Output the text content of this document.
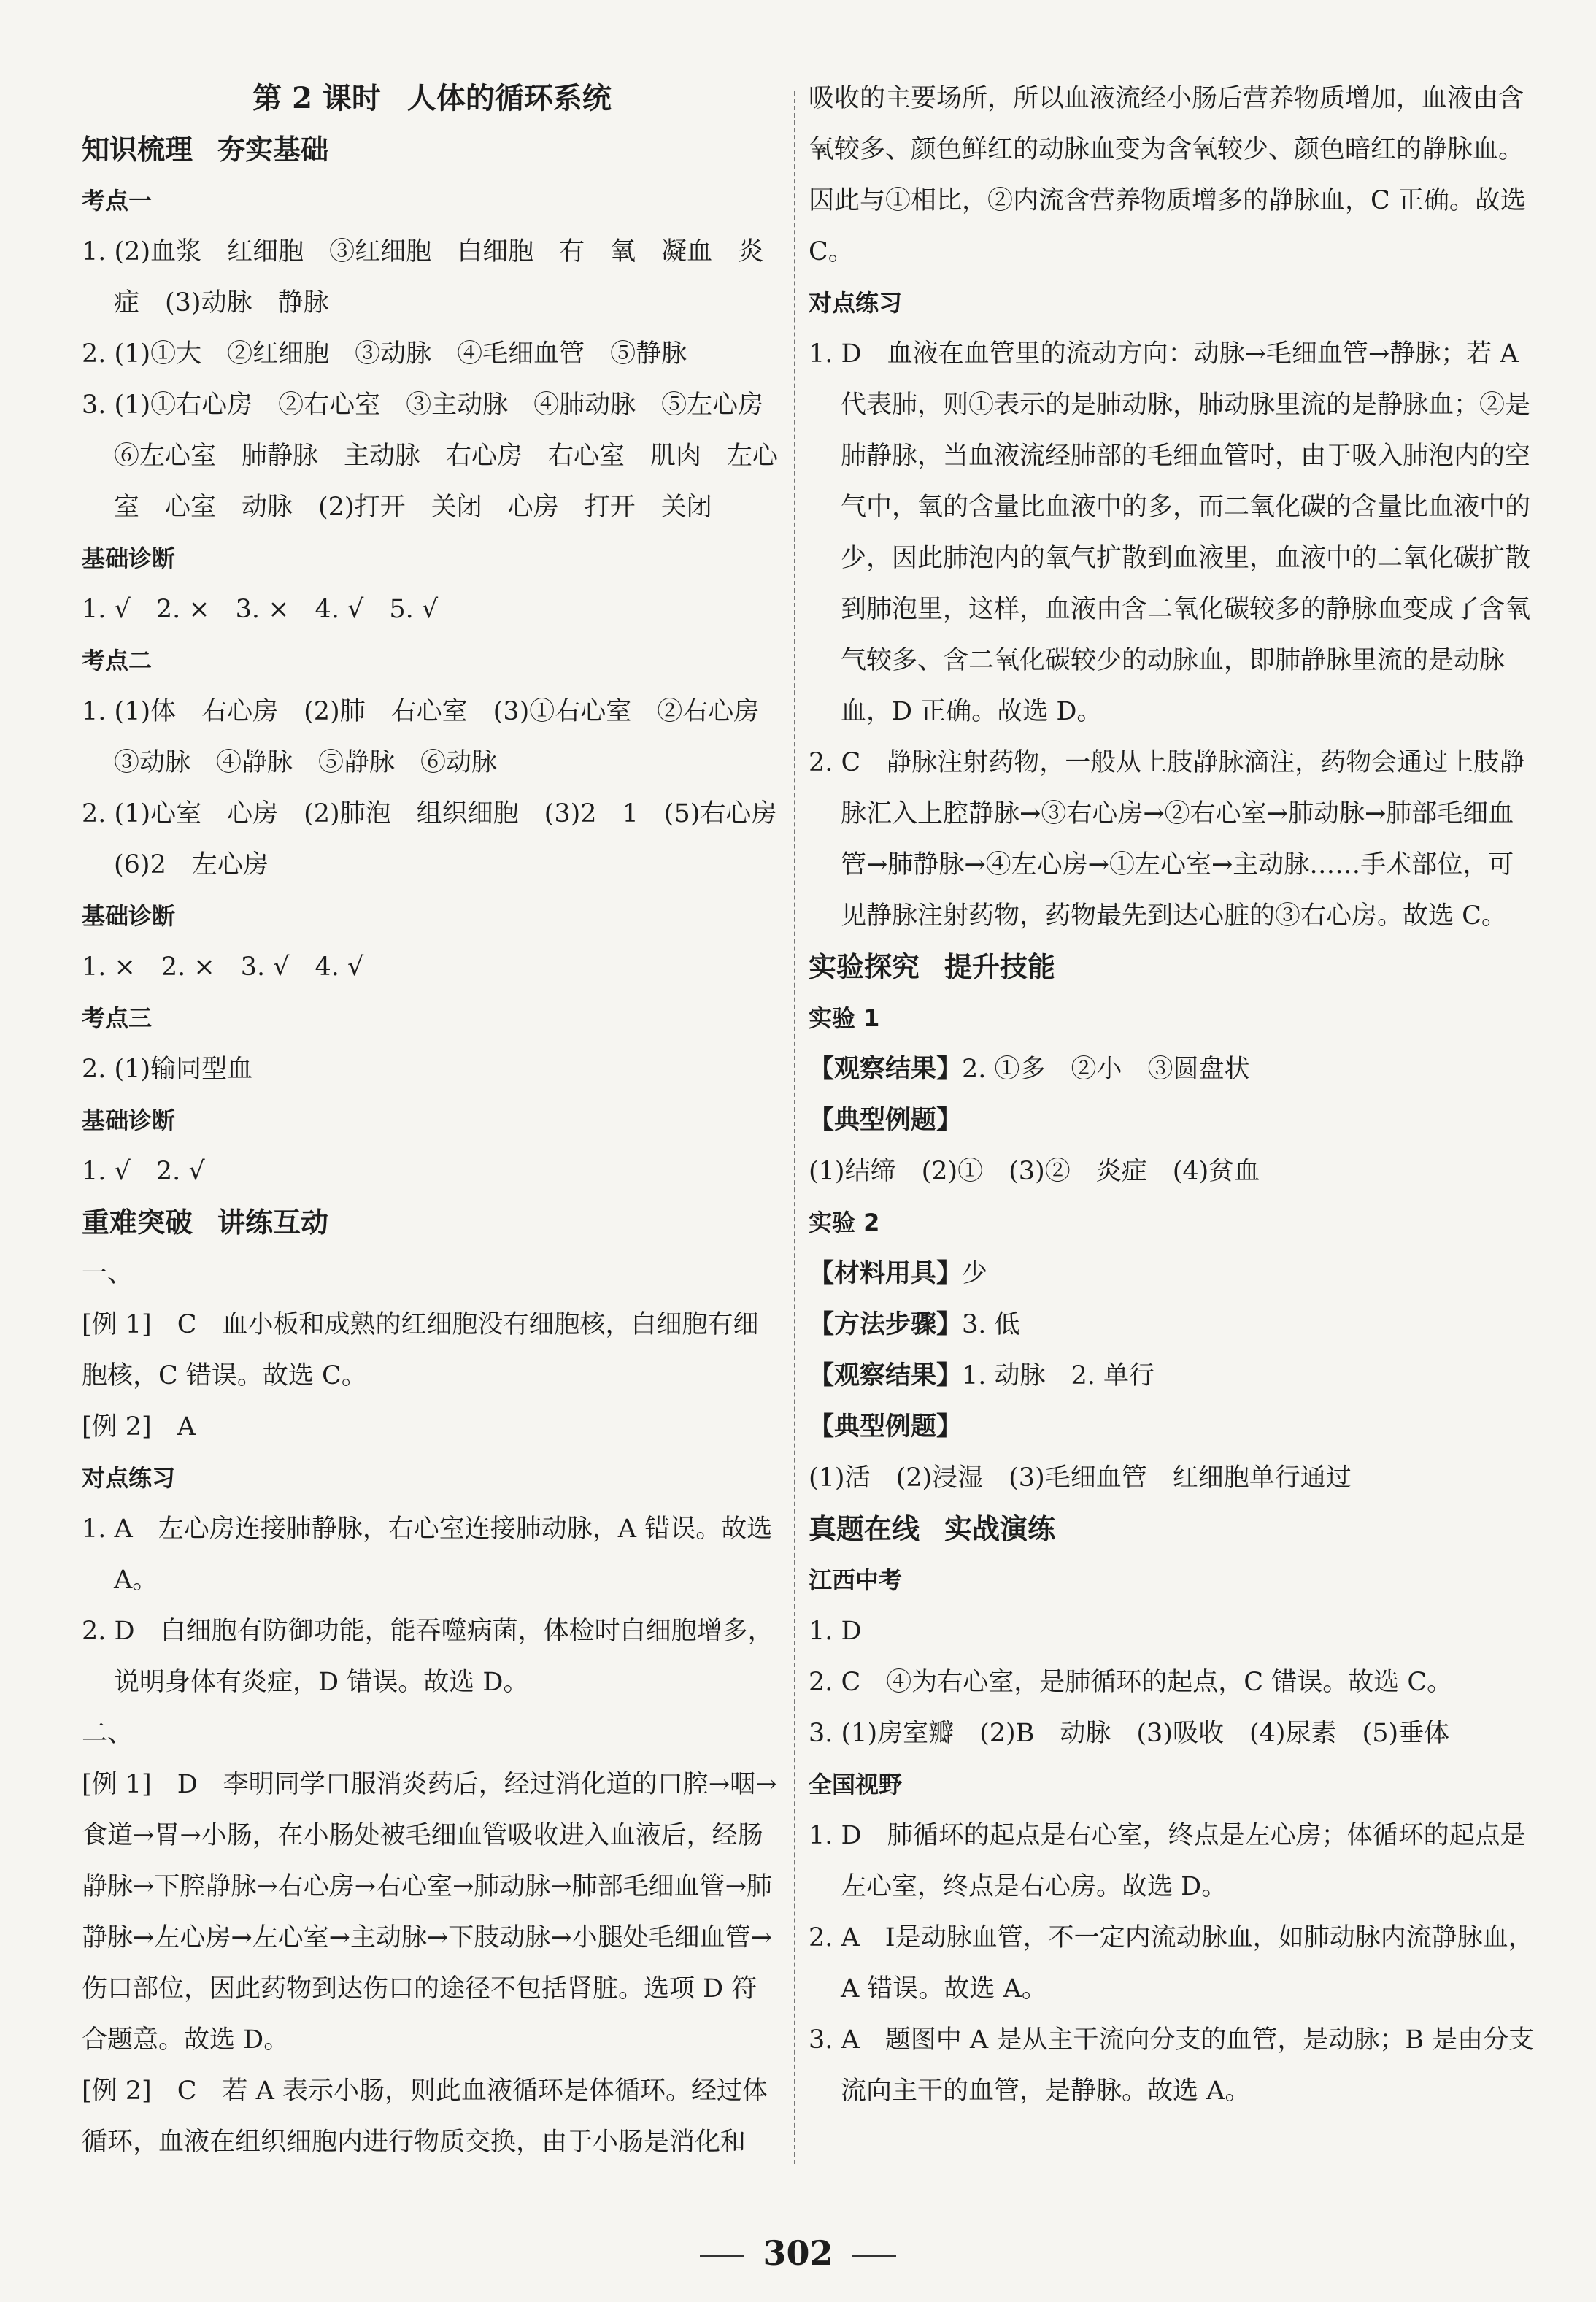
第 2 课时 人体的循环系统

知识梳理 夯实基础

考点一

1. (2)血浆　红细胞　③红细胞　白细胞　有　氧　凝血　炎症　(3)动脉　静脉

2. (1)①大　②红细胞　③动脉　④毛细血管　⑤静脉

3. (1)①右心房　②右心室　③主动脉　④肺动脉　⑤左心房　⑥左心室　肺静脉　主动脉　右心房　右心室　肌肉　左心室　心室　动脉　(2)打开　关闭　心房　打开　关闭

基础诊断

1. √　2. ×　3. ×　4. √　5. √

考点二

1. (1)体　右心房　(2)肺　右心室　(3)①右心室　②右心房　③动脉　④静脉　⑤静脉　⑥动脉

2. (1)心室　心房　(2)肺泡　组织细胞　(3)2　1　(5)右心房　(6)2　左心房

基础诊断

1. ×　2. ×　3. √　4. √

考点三

2. (1)输同型血

基础诊断

1. √　2. √

重难突破 讲练互动

一、

[例 1]　C　血小板和成熟的红细胞没有细胞核，白细胞有细胞核，C 错误。故选 C。

[例 2]　A

对点练习

1. A　左心房连接肺静脉，右心室连接肺动脉，A 错误。故选 A。

2. D　白细胞有防御功能，能吞噬病菌，体检时白细胞增多，说明身体有炎症，D 错误。故选 D。

二、

[例 1]　D　李明同学口服消炎药后，经过消化道的口腔→咽→食道→胃→小肠，在小肠处被毛细血管吸收进入血液后，经肠静脉→下腔静脉→右心房→右心室→肺动脉→肺部毛细血管→肺静脉→左心房→左心室→主动脉→下肢动脉→小腿处毛细血管→伤口部位，因此药物到达伤口的途径不包括肾脏。选项 D 符合题意。故选 D。

[例 2]　C　若 A 表示小肠，则此血液循环是体循环。经过体循环，血液在组织细胞内进行物质交换，由于小肠是消化和

吸收的主要场所，所以血液流经小肠后营养物质增加，血液由含氧较多、颜色鲜红的动脉血变为含氧较少、颜色暗红的静脉血。因此与①相比，②内流含营养物质增多的静脉血，C 正确。故选 C。

对点练习

1. D　血液在血管里的流动方向：动脉→毛细血管→静脉；若 A 代表肺，则①表示的是肺动脉，肺动脉里流的是静脉血；②是肺静脉，当血液流经肺部的毛细血管时，由于吸入肺泡内的空气中，氧的含量比血液中的多，而二氧化碳的含量比血液中的少，因此肺泡内的氧气扩散到血液里，血液中的二氧化碳扩散到肺泡里，这样，血液由含二氧化碳较多的静脉血变成了含氧气较多、含二氧化碳较少的动脉血，即肺静脉里流的是动脉血，D 正确。故选 D。

2. C　静脉注射药物，一般从上肢静脉滴注，药物会通过上肢静脉汇入上腔静脉→③右心房→②右心室→肺动脉→肺部毛细血管→肺静脉→④左心房→①左心室→主动脉……手术部位，可见静脉注射药物，药物最先到达心脏的③右心房。故选 C。

实验探究 提升技能

实验 1

【观察结果】2. ①多　②小　③圆盘状

【典型例题】

(1)结缔　(2)①　(3)②　炎症　(4)贫血

实验 2

【材料用具】少

【方法步骤】3. 低

【观察结果】1. 动脉　2. 单行

【典型例题】

(1)活　(2)浸湿　(3)毛细血管　红细胞单行通过

真题在线 实战演练

江西中考

1. D

2. C　④为右心室，是肺循环的起点，C 错误。故选 C。

3. (1)房室瓣　(2)B　动脉　(3)吸收　(4)尿素　(5)垂体

全国视野

1. D　肺循环的起点是右心室，终点是左心房；体循环的起点是左心室，终点是右心房。故选 D。

2. A　Ⅰ是动脉血管，不一定内流动脉血，如肺动脉内流静脉血，A 错误。故选 A。

3. A　题图中 A 是从主干流向分支的血管，是动脉；B 是由分支流向主干的血管，是静脉。故选 A。

302
